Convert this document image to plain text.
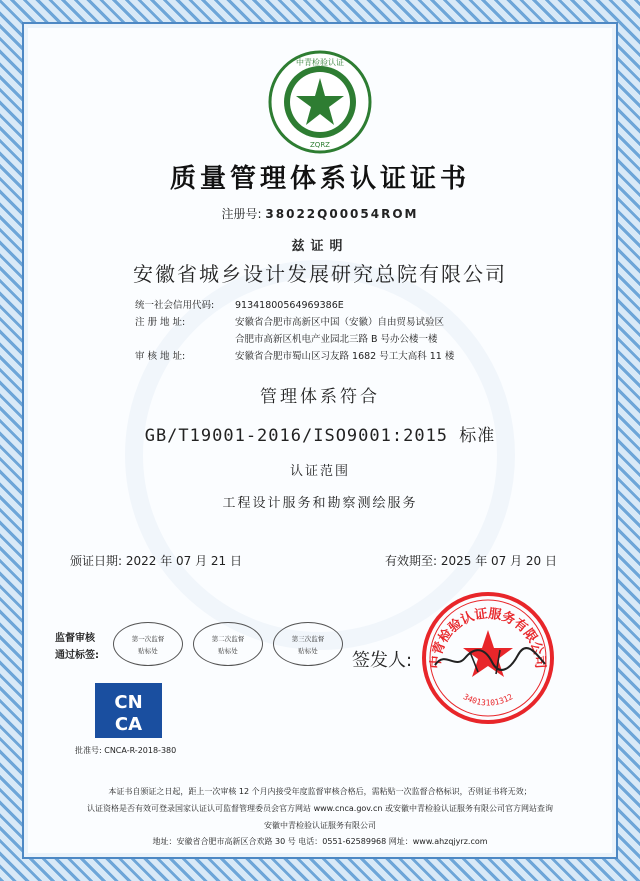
中青检验认证
ZQRZ
质量管理体系认证证书
注册号: 38022Q00054ROM
兹证明
安徽省城乡设计发展研究总院有限公司
统一社会信用代码:	91341800564969386E
注 册 地 址:	安徽省合肥市高新区中国（安徽）自由贸易试验区
合肥市高新区机电产业园北三路 B 号办公楼一楼
审 核 地 址:	安徽省合肥市蜀山区习友路 1682 号工大高科 11 楼
管理体系符合
GB/T19001-2016/ISO9001:2015 标准
认证范围
工程设计服务和勘察测绘服务
颁证日期: 2022 年 07 月 21 日	有效期至: 2025 年 07 月 20 日
监督审核
通过标签:
第一次监督
贴标处
第二次监督
贴标处
第三次监督
贴标处
中青检验认证服务有限公司
34013101312
签发人:
CN
CA
批准号: CNCA-R-2018-380
本证书自颁证之日起，距上一次审核 12 个月内接受年度监督审核合格后，需粘贴一次监督合格标识，否则证书将无效；
认证资格是否有效可登录国家认证认可监督管理委员会官方网站 www.cnca.gov.cn 或安徽中青检验认证服务有限公司官方网站查询
安徽中青检验认证服务有限公司
地址：安徽省合肥市高新区合欢路 30 号 电话：0551-62589968 网址：www.ahzqjyrz.com
